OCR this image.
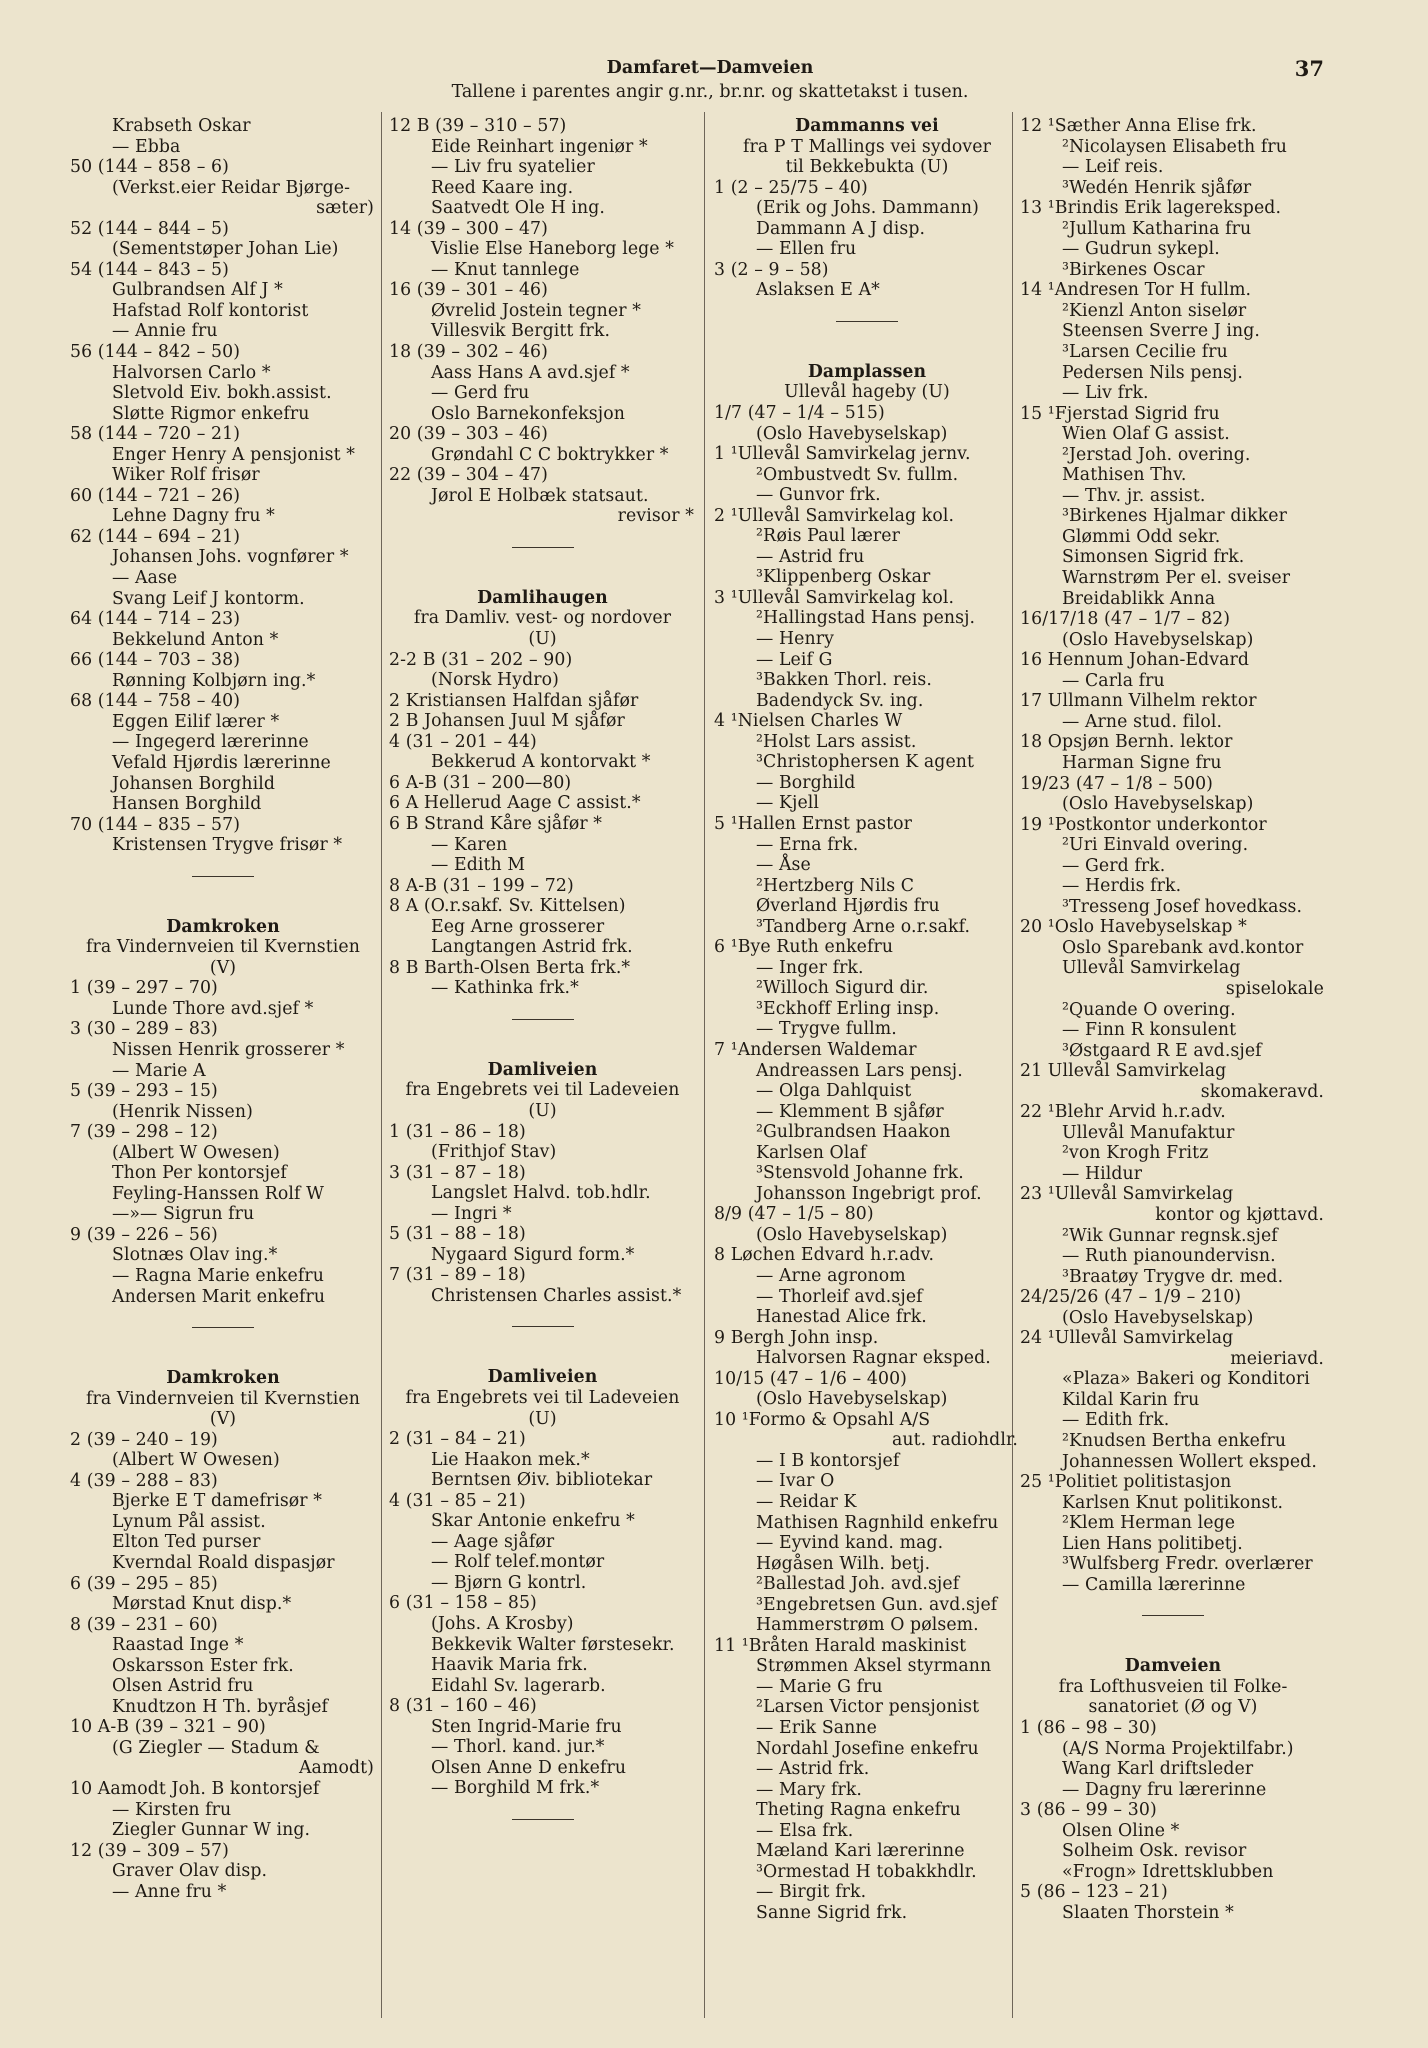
Damfaret—Damveien
Tallene i parentes angir g.nr., br.nr. og skattetakst i tusen.
37
Krabseth Oskar
— Ebba
50 (144 – 858 – 6)
(Verkst.eier Reidar Bjørge-
sæter)
52 (144 – 844 – 5)
(Sementstøper Johan Lie)
54 (144 – 843 – 5)
Gulbrandsen Alf J *
Hafstad Rolf kontorist
— Annie fru
56 (144 – 842 – 50)
Halvorsen Carlo *
Sletvold Eiv. bokh.assist.
Sløtte Rigmor enkefru
58 (144 – 720 – 21)
Enger Henry A pensjonist *
Wiker Rolf frisør
60 (144 – 721 – 26)
Lehne Dagny fru *
62 (144 – 694 – 21)
Johansen Johs. vognfører *
— Aase
Svang Leif J kontorm.
64 (144 – 714 – 23)
Bekkelund Anton *
66 (144 – 703 – 38)
Rønning Kolbjørn ing.*
68 (144 – 758 – 40)
Eggen Eilif lærer *
— Ingegerd lærerinne
Vefald Hjørdis lærerinne
Johansen Borghild
Hansen Borghild
70 (144 – 835 – 57)
Kristensen Trygve frisør *
Damkroken
fra Vindernveien til Kvernstien
(V)
1 (39 – 297 – 70)
Lunde Thore avd.sjef *
3 (30 – 289 – 83)
Nissen Henrik grosserer *
— Marie A
5 (39 – 293 – 15)
(Henrik Nissen)
7 (39 – 298 – 12)
(Albert W Owesen)
Thon Per kontorsjef
Feyling-Hanssen Rolf W
—»— Sigrun fru
9 (39 – 226 – 56)
Slotnæs Olav ing.*
— Ragna Marie enkefru
Andersen Marit enkefru
Damkroken
fra Vindernveien til Kvernstien
(V)
2 (39 – 240 – 19)
(Albert W Owesen)
4 (39 – 288 – 83)
Bjerke E T damefrisør *
Lynum Pål assist.
Elton Ted purser
Kverndal Roald dispasjør
6 (39 – 295 – 85)
Mørstad Knut disp.*
8 (39 – 231 – 60)
Raastad Inge *
Oskarsson Ester frk.
Olsen Astrid fru
Knudtzon H Th. byråsjef
10 A-B (39 – 321 – 90)
(G Ziegler — Stadum &
Aamodt)
10 Aamodt Joh. B kontorsjef
— Kirsten fru
Ziegler Gunnar W ing.
12 (39 – 309 – 57)
Graver Olav disp.
— Anne fru *
12 B (39 – 310 – 57)
Eide Reinhart ingeniør *
— Liv fru syatelier
Reed Kaare ing.
Saatvedt Ole H ing.
14 (39 – 300 – 47)
Vislie Else Haneborg lege *
— Knut tannlege
16 (39 – 301 – 46)
Øvrelid Jostein tegner *
Villesvik Bergitt frk.
18 (39 – 302 – 46)
Aass Hans A avd.sjef *
— Gerd fru
Oslo Barnekonfeksjon
20 (39 – 303 – 46)
Grøndahl C C boktrykker *
22 (39 – 304 – 47)
Jørol E Holbæk statsaut.
revisor *
Damlihaugen
fra Damliv. vest- og nordover
(U)
2-2 B (31 – 202 – 90)
(Norsk Hydro)
2 Kristiansen Halfdan sjåfør
2 B Johansen Juul M sjåfør
4 (31 – 201 – 44)
Bekkerud A kontorvakt *
6 A-B (31 – 200—80)
6 A Hellerud Aage C assist.*
6 B Strand Kåre sjåfør *
— Karen
— Edith M
8 A-B (31 – 199 – 72)
8 A (O.r.sakf. Sv. Kittelsen)
Eeg Arne grosserer
Langtangen Astrid frk.
8 B Barth-Olsen Berta frk.*
— Kathinka frk.*
Damliveien
fra Engebrets vei til Ladeveien
(U)
1 (31 – 86 – 18)
(Frithjof Stav)
3 (31 – 87 – 18)
Langslet Halvd. tob.hdlr.
— Ingri *
5 (31 – 88 – 18)
Nygaard Sigurd form.*
7 (31 – 89 – 18)
Christensen Charles assist.*
Damliveien
fra Engebrets vei til Ladeveien
(U)
2 (31 – 84 – 21)
Lie Haakon mek.*
Berntsen Øiv. bibliotekar
4 (31 – 85 – 21)
Skar Antonie enkefru *
— Aage sjåfør
— Rolf telef.montør
— Bjørn G kontrl.
6 (31 – 158 – 85)
(Johs. A Krosby)
Bekkevik Walter førstesekr.
Haavik Maria frk.
Eidahl Sv. lagerarb.
8 (31 – 160 – 46)
Sten Ingrid-Marie fru
— Thorl. kand. jur.*
Olsen Anne D enkefru
— Borghild M frk.*
Dammanns vei
fra P T Mallings vei sydover
til Bekkebukta (U)
1 (2 – 25/75 – 40)
(Erik og Johs. Dammann)
Dammann A J disp.
— Ellen fru
3 (2 – 9 – 58)
Aslaksen E A*
Damplassen
Ullevål hageby (U)
1/7 (47 – 1/4 – 515)
(Oslo Havebyselskap)
1 ¹Ullevål Samvirkelag jernv.
²Ombustvedt Sv. fullm.
— Gunvor frk.
2 ¹Ullevål Samvirkelag kol.
²Røis Paul lærer
— Astrid fru
³Klippenberg Oskar
3 ¹Ullevål Samvirkelag kol.
²Hallingstad Hans pensj.
— Henry
— Leif G
³Bakken Thorl. reis.
Badendyck Sv. ing.
4 ¹Nielsen Charles W
²Holst Lars assist.
³Christophersen K agent
— Borghild
— Kjell
5 ¹Hallen Ernst pastor
— Erna frk.
— Åse
²Hertzberg Nils C
Øverland Hjørdis fru
³Tandberg Arne o.r.sakf.
6 ¹Bye Ruth enkefru
— Inger frk.
²Willoch Sigurd dir.
³Eckhoff Erling insp.
— Trygve fullm.
7 ¹Andersen Waldemar
Andreassen Lars pensj.
— Olga Dahlquist
— Klemment B sjåfør
²Gulbrandsen Haakon
Karlsen Olaf
³Stensvold Johanne frk.
Johansson Ingebrigt prof.
8/9 (47 – 1/5 – 80)
(Oslo Havebyselskap)
8 Løchen Edvard h.r.adv.
— Arne agronom
— Thorleif avd.sjef
Hanestad Alice frk.
9 Bergh John insp.
Halvorsen Ragnar eksped.
10/15 (47 – 1/6 – 400)
(Oslo Havebyselskap)
10 ¹Formo & Opsahl A/S
aut. radiohdlr.
— I B kontorsjef
— Ivar O
— Reidar K
Mathisen Ragnhild enkefru
— Eyvind kand. mag.
Høgåsen Wilh. betj.
²Ballestad Joh. avd.sjef
³Engebretsen Gun. avd.sjef
Hammerstrøm O pølsem.
11 ¹Bråten Harald maskinist
Strømmen Aksel styrmann
— Marie G fru
²Larsen Victor pensjonist
— Erik Sanne
Nordahl Josefine enkefru
— Astrid frk.
— Mary frk.
Theting Ragna enkefru
— Elsa frk.
Mæland Kari lærerinne
³Ormestad H tobakkhdlr.
— Birgit frk.
Sanne Sigrid frk.
12 ¹Sæther Anna Elise frk.
²Nicolaysen Elisabeth fru
— Leif reis.
³Wedén Henrik sjåfør
13 ¹Brindis Erik lagereksped.
²Jullum Katharina fru
— Gudrun sykepl.
³Birkenes Oscar
14 ¹Andresen Tor H fullm.
²Kienzl Anton siselør
Steensen Sverre J ing.
³Larsen Cecilie fru
Pedersen Nils pensj.
— Liv frk.
15 ¹Fjerstad Sigrid fru
Wien Olaf G assist.
²Jerstad Joh. overing.
Mathisen Thv.
— Thv. jr. assist.
³Birkenes Hjalmar dikker
Glømmi Odd sekr.
Simonsen Sigrid frk.
Warnstrøm Per el. sveiser
Breidablikk Anna
16/17/18 (47 – 1/7 – 82)
(Oslo Havebyselskap)
16 Hennum Johan-Edvard
— Carla fru
17 Ullmann Vilhelm rektor
— Arne stud. filol.
18 Opsjøn Bernh. lektor
Harman Signe fru
19/23 (47 – 1/8 – 500)
(Oslo Havebyselskap)
19 ¹Postkontor underkontor
²Uri Einvald overing.
— Gerd frk.
— Herdis frk.
³Tresseng Josef hovedkass.
20 ¹Oslo Havebyselskap *
Oslo Sparebank avd.kontor
Ullevål Samvirkelag
spiselokale
²Quande O overing.
— Finn R konsulent
³Østgaard R E avd.sjef
21 Ullevål Samvirkelag
skomakeravd.
22 ¹Blehr Arvid h.r.adv.
Ullevål Manufaktur
²von Krogh Fritz
— Hildur
23 ¹Ullevål Samvirkelag
kontor og kjøttavd.
²Wik Gunnar regnsk.sjef
— Ruth pianoundervisn.
³Braatøy Trygve dr. med.
24/25/26 (47 – 1/9 – 210)
(Oslo Havebyselskap)
24 ¹Ullevål Samvirkelag
meieriavd.
«Plaza» Bakeri og Konditori
Kildal Karin fru
— Edith frk.
²Knudsen Bertha enkefru
Johannessen Wollert eksped.
25 ¹Politiet politistasjon
Karlsen Knut politikonst.
²Klem Herman lege
Lien Hans politibetj.
³Wulfsberg Fredr. overlærer
— Camilla lærerinne
Damveien
fra Lofthusveien til Folke-
sanatoriet (Ø og V)
1 (86 – 98 – 30)
(A/S Norma Projektilfabr.)
Wang Karl driftsleder
— Dagny fru lærerinne
3 (86 – 99 – 30)
Olsen Oline *
Solheim Osk. revisor
«Frogn» Idrettsklubben
5 (86 – 123 – 21)
Slaaten Thorstein *
